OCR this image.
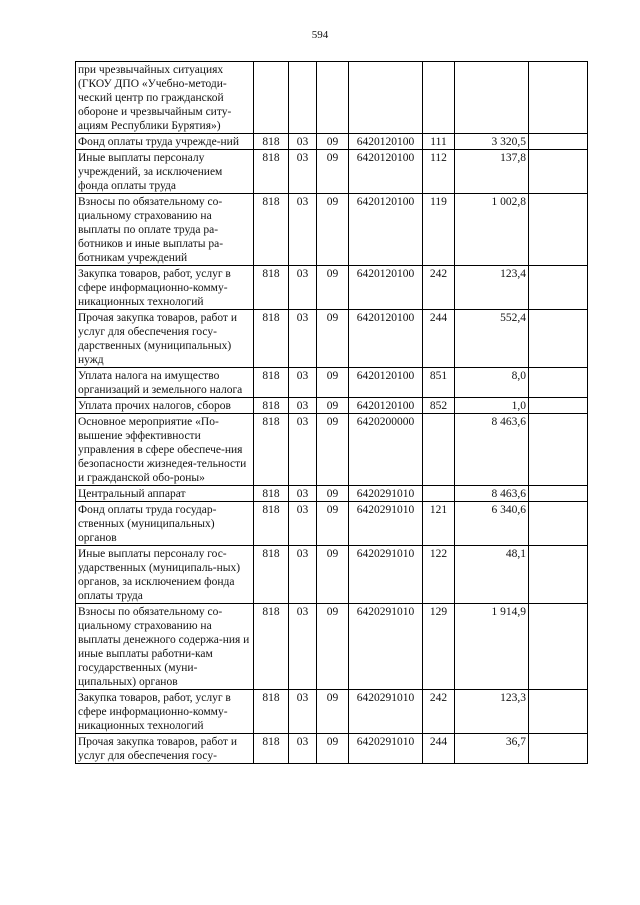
594
при чрезвычайных ситуациях (ГКОУ ДПО «Учебно-методи-ческий центр по гражданской обороне и чрезвычайным ситу-ациям Республики Бурятия»)							
Фонд оплаты труда учрежде-ний	818	03	09	6420120100	111	3 320,5	
Иные выплаты персоналу учреждений, за исключением фонда оплаты труда	818	03	09	6420120100	112	137,8	
Взносы по обязательному со-циальному страхованию на выплаты по оплате труда ра-ботников и иные выплаты ра-ботникам учреждений	818	03	09	6420120100	119	1 002,8	
Закупка товаров, работ, услуг в сфере информационно-комму-никационных технологий	818	03	09	6420120100	242	123,4	
Прочая закупка товаров, работ и услуг для обеспечения госу-дарственных (муниципальных) нужд	818	03	09	6420120100	244	552,4	
Уплата налога на имущество организаций и земельного налога	818	03	09	6420120100	851	8,0	
Уплата прочих налогов, сборов	818	03	09	6420120100	852	1,0	
Основное мероприятие «По-вышение эффективности управления в сфере обеспече-ния безопасности жизнедея-тельности и гражданской обо-роны»	818	03	09	6420200000		8 463,6	
Центральный аппарат	818	03	09	6420291010		8 463,6	
Фонд оплаты труда государ-ственных (муниципальных) органов	818	03	09	6420291010	121	6 340,6	
Иные выплаты персоналу гос-ударственных (муниципаль-ных) органов, за исключением фонда оплаты труда	818	03	09	6420291010	122	48,1	
Взносы по обязательному со-циальному страхованию на выплаты денежного содержа-ния и иные выплаты работни-кам государственных (муни-ципальных) органов	818	03	09	6420291010	129	1 914,9	
Закупка товаров, работ, услуг в сфере информационно-комму-никационных технологий	818	03	09	6420291010	242	123,3	
Прочая закупка товаров, работ и услуг для обеспечения госу-	818	03	09	6420291010	244	36,7	
